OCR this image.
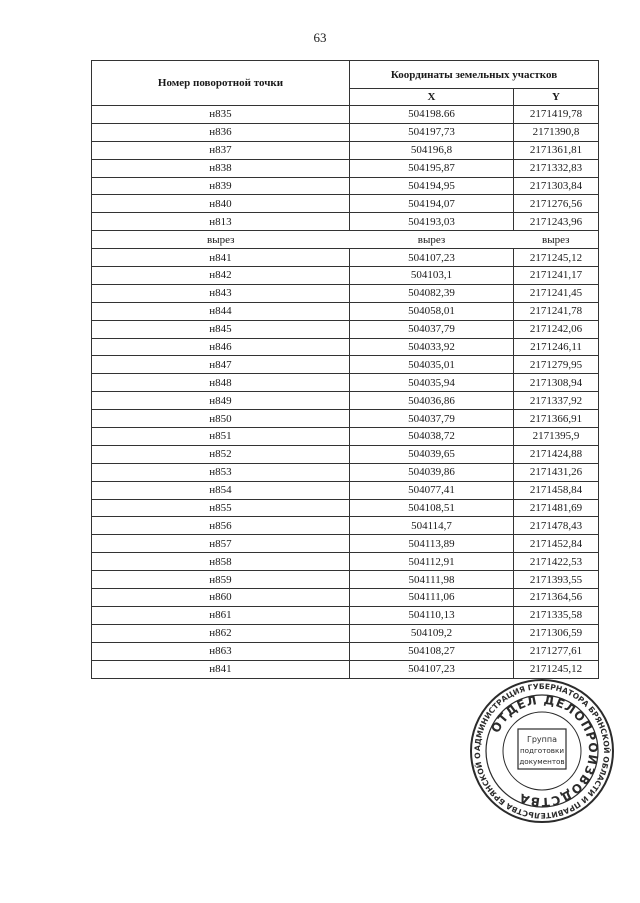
63
Номер поворотной точки	Координаты земельных участков	
	X	Y
н835	504198.66	2171419,78
н836	504197,73	2171390,8
н837	504196,8	2171361,81
н838	504195,87	2171332,83
н839	504194,95	2171303,84
н840	504194,07	2171276,56
н813	504193,03	2171243,96
вырез	вырез	вырез
н841	504107,23	2171245,12
н842	504103,1	2171241,17
н843	504082,39	2171241,45
н844	504058,01	2171241,78
н845	504037,79	2171242,06
н846	504033,92	2171246,11
н847	504035,01	2171279,95
н848	504035,94	2171308,94
н849	504036,86	2171337,92
н850	504037,79	2171366,91
н851	504038,72	2171395,9
н852	504039,65	2171424,88
н853	504039,86	2171431,26
н854	504077,41	2171458,84
н855	504108,51	2171481,69
н856	504114,7	2171478,43
н857	504113,89	2171452,84
н858	504112,91	2171422,53
н859	504111,98	2171393,55
н860	504111,06	2171364,56
н861	504110,13	2171335,58
н862	504109,2	2171306,59
н863	504108,27	2171277,61
н841	504107,23	2171245,12
АДМИНИСТРАЦИЯ ГУБЕРНАТОРА БРЯНСКОЙ ОБЛАСТИ И ПРАВИТЕЛЬСТВА БРЯНСКОЙ О
ОТДЕЛ ДЕЛОПРОИЗВОДСТВА
Группа
подготовки
документов
